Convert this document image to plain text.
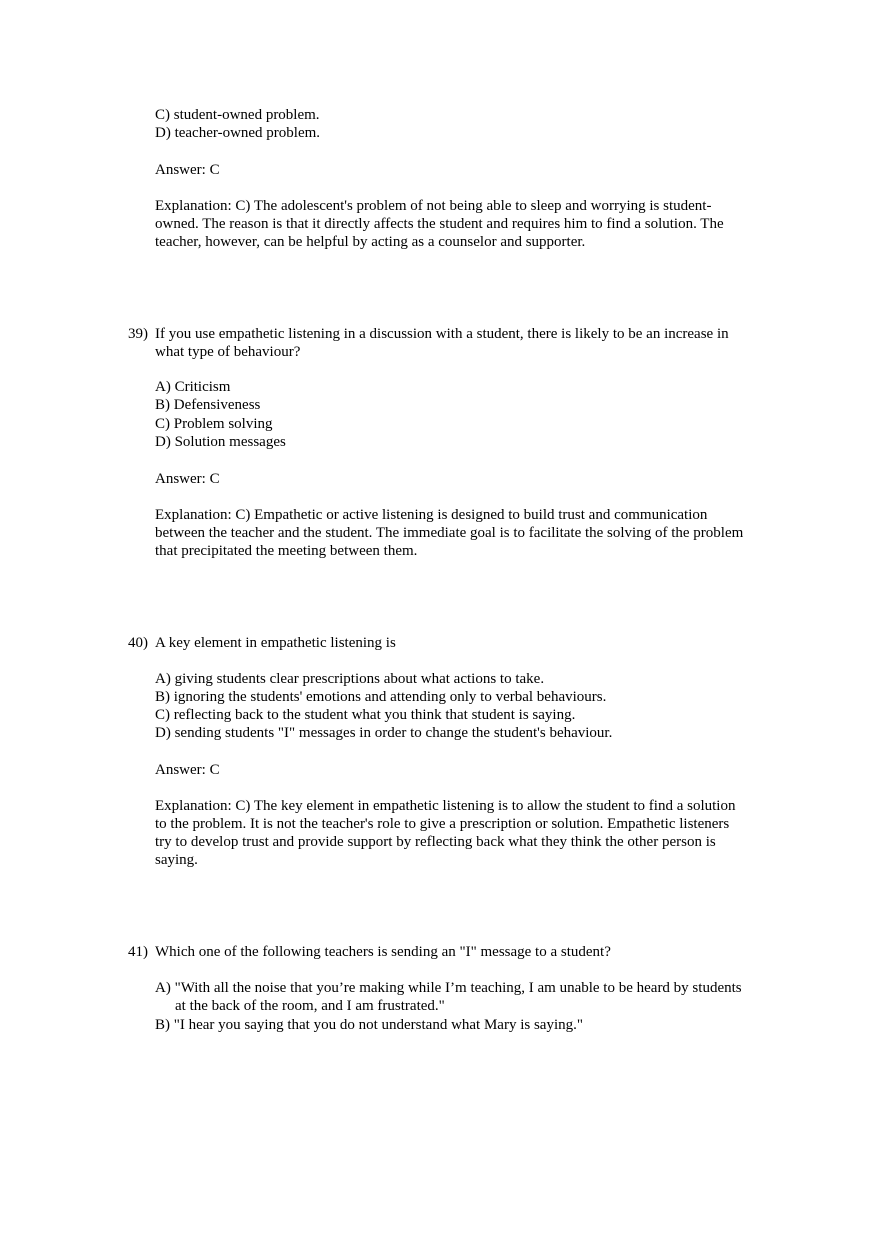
C) student-owned problem.
D) teacher-owned problem.
Answer: C
Explanation: C) The adolescent's problem of not being able to sleep and worrying is student-
owned. The reason is that it directly affects the student and requires him to find a solution. The
teacher, however, can be helpful by acting as a counselor and supporter.
39) If you use empathetic listening in a discussion with a student, there is likely to be an increase in
what type of behaviour?
A) Criticism
B) Defensiveness
C) Problem solving
D) Solution messages
Answer: C
Explanation: C) Empathetic or active listening is designed to build trust and communication
between the teacher and the student. The immediate goal is to facilitate the solving of the problem
that precipitated the meeting between them.
40) A key element in empathetic listening is
A) giving students clear prescriptions about what actions to take.
B) ignoring the students' emotions and attending only to verbal behaviours.
C) reflecting back to the student what you think that student is saying.
D) sending students "I" messages in order to change the student's behaviour.
Answer: C
Explanation: C) The key element in empathetic listening is to allow the student to find a solution
to the problem. It is not the teacher's role to give a prescription or solution. Empathetic listeners
try to develop trust and provide support by reflecting back what they think the other person is
saying.
41) Which one of the following teachers is sending an "I" message to a student?
A) "With all the noise that you’re making while I’m teaching, I am unable to be heard by students
at the back of the room, and I am frustrated."
B) "I hear you saying that you do not understand what Mary is saying."
